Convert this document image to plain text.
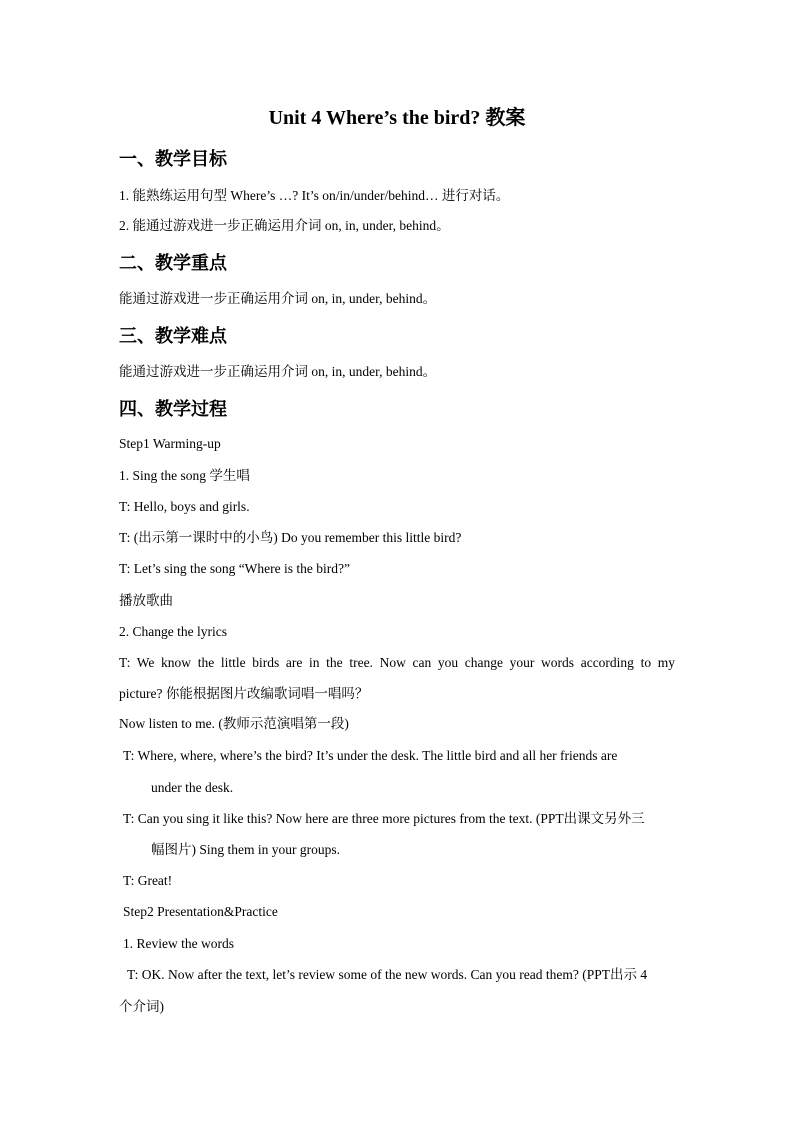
Unit 4 Where’s the bird? 教案
一、教学目标
1. 能熟练运用句型 Where’s …? It’s on/in/under/behind… 进行对话。
2. 能通过游戏进一步正确运用介词 on, in, under, behind。
二、教学重点
能通过游戏进一步正确运用介词 on, in, under, behind。
三、教学难点
能通过游戏进一步正确运用介词 on, in, under, behind。
四、教学过程
Step1 Warming-up
1. Sing the song 学生唱
T: Hello, boys and girls.
T: (出示第一课时中的小鸟) Do you remember this little bird?
T: Let’s sing the song “Where is the bird?”
播放歌曲
2. Change the lyrics
T: We know the little birds are in the tree. Now can you change your words according to my
picture? 你能根据图片改编歌词唱一唱吗？
Now listen to me. (教师示范演唱第一段)
T: Where, where, where’s the bird? It’s under the desk. The little bird and all her friends are
under the desk.
T: Can you sing it like this? Now here are three more pictures from the text. (PPT出课文另外三
幅图片) Sing them in your groups.
T: Great!
Step2 Presentation&Practice
1. Review the words
T: OK. Now after the text, let’s review some of the new words. Can you read them? (PPT出示 4
个介词)
